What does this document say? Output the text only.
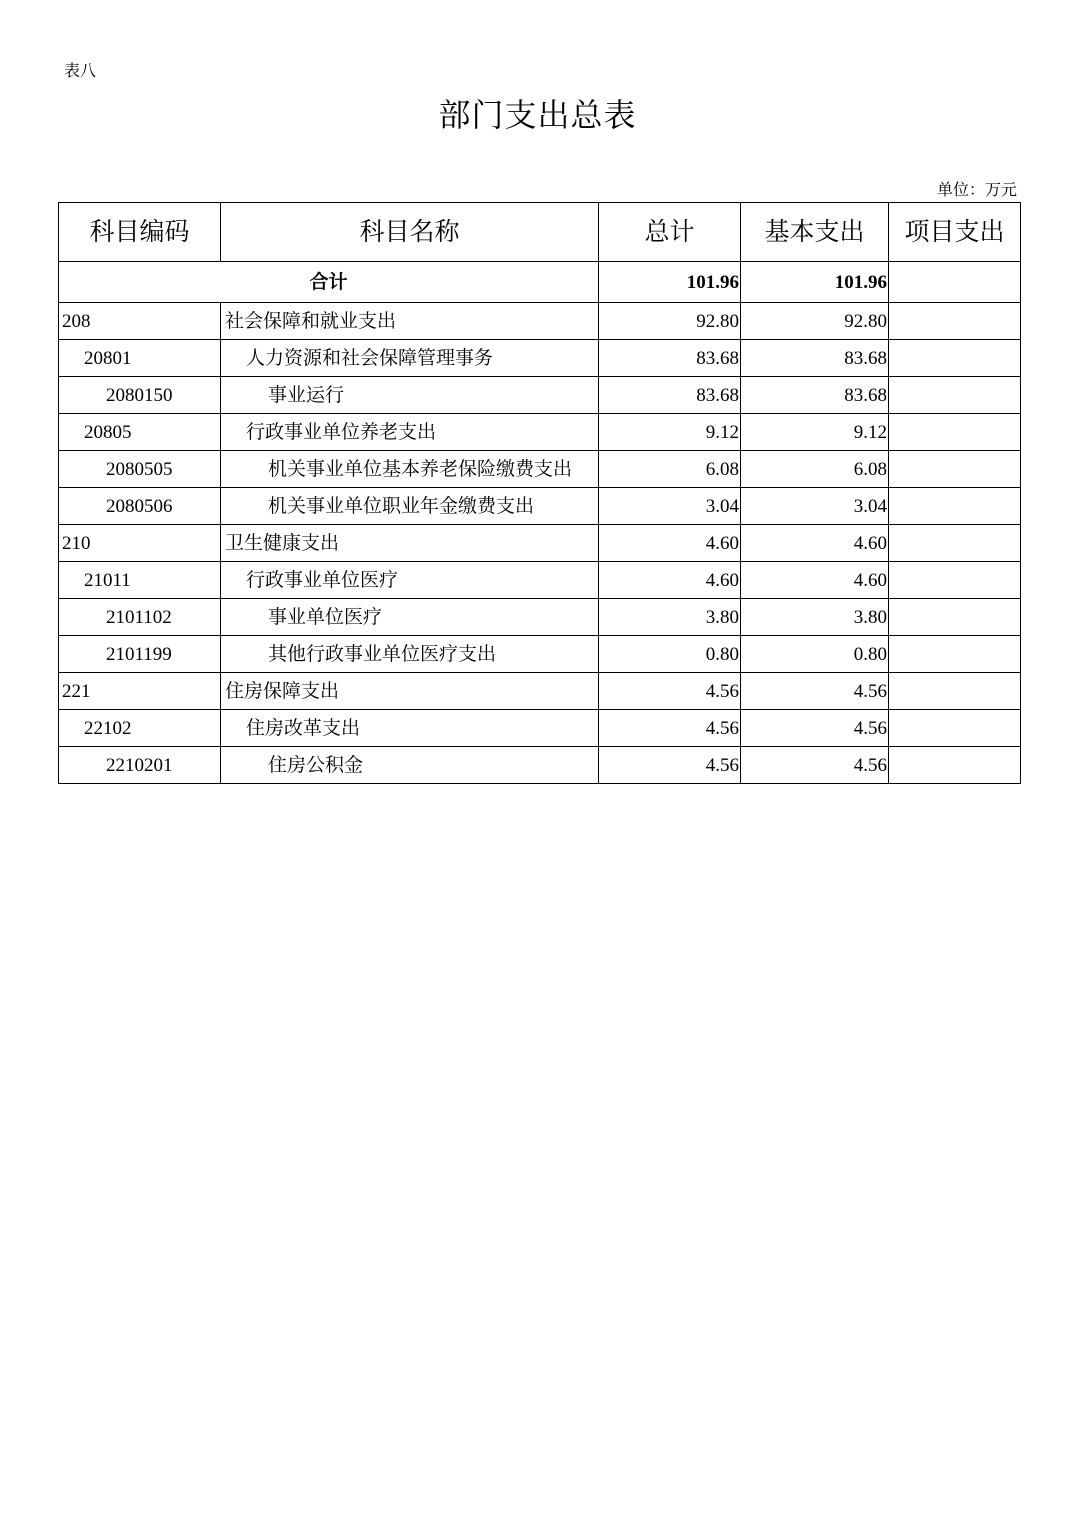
表八
部门支出总表
单位：万元
科目编码	科目名称	总计	基本支出	项目支出
合计		101.96	101.96	
208	社会保障和就业支出	92.80	92.80	
20801	人力资源和社会保障管理事务	83.68	83.68	
2080150	事业运行	83.68	83.68	
20805	行政事业单位养老支出	9.12	9.12	
2080505	机关事业单位基本养老保险缴费支出	6.08	6.08	
2080506	机关事业单位职业年金缴费支出	3.04	3.04	
210	卫生健康支出	4.60	4.60	
21011	行政事业单位医疗	4.60	4.60	
2101102	事业单位医疗	3.80	3.80	
2101199	其他行政事业单位医疗支出	0.80	0.80	
221	住房保障支出	4.56	4.56	
22102	住房改革支出	4.56	4.56	
2210201	住房公积金	4.56	4.56	
